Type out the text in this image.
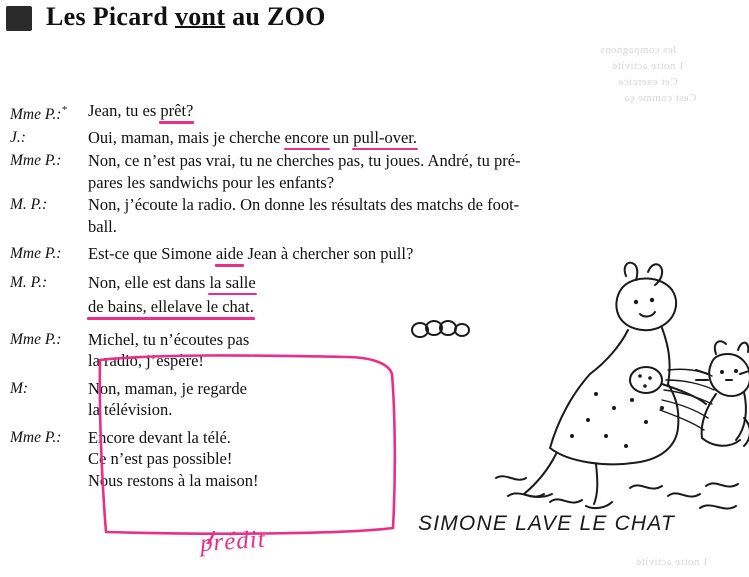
Les Picard vont au ZOO
les compagnons
1 notre activité
Cet exercice
Cest comme ça
1 notre activité
Mme P.:*	Jean, tu es prêt?
J.:	Oui, maman, mais je cherche encore un pull-over.
Mme P.:	Non, ce n’est pas vrai, tu ne cherches pas, tu joues. André, tu pré-
pares les sandwichs pour les enfants?
M. P.:	Non, j’écoute la radio. On donne les résultats des matchs de foot-
ball.
Mme P.:	Est-ce que Simone aide Jean à chercher son pull?
M. P.:	Non, elle est dans la salle
de bains, ellelave le chat.
Mme P.:	Michel, tu n’écoutes pas
la radio, j’espère!
M:	Non, maman, je regarde
la télévision.
Mme P.:	Encore devant la télé.
Ce n’est pas possible!
Nous restons à la maison!
prédit
SIMONE LAVE LE CHAT
